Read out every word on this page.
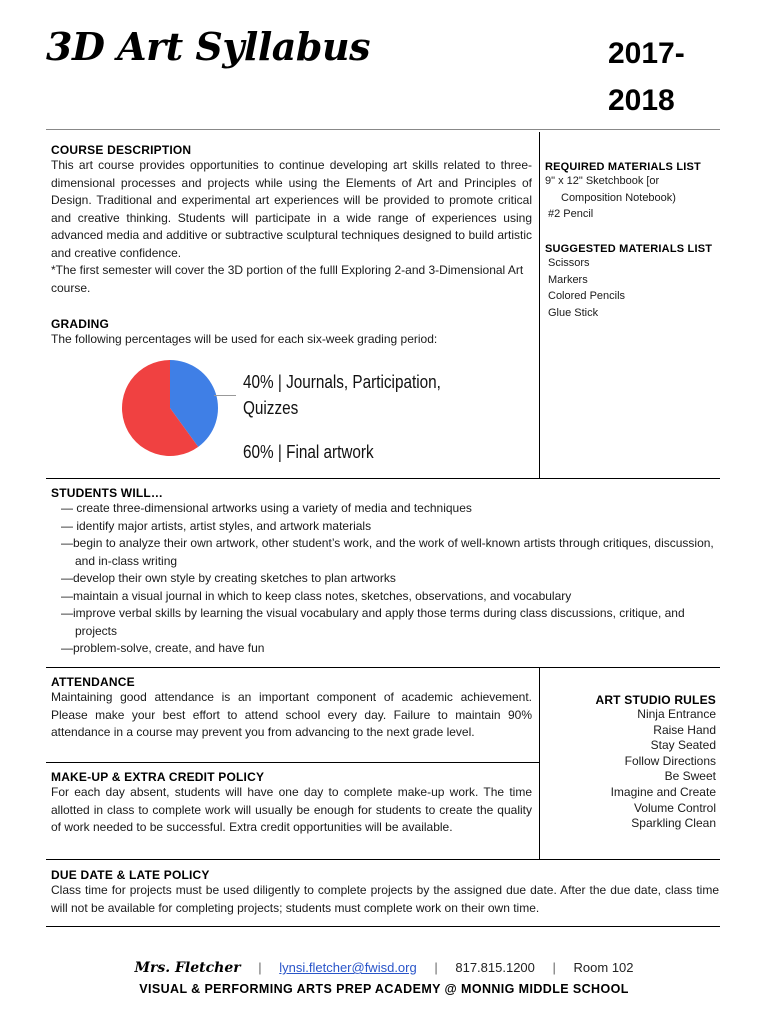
3D Art Syllabus	2017-
2018
COURSE DESCRIPTION
This art course provides opportunities to continue developing art skills related to three-dimensional processes and projects while using the Elements of Art and Principles of Design. Traditional and experimental art experiences will be provided to promote critical and creative thinking. Students will participate in a wide range of experiences using advanced media and additive or subtractive sculptural techniques designed to build artistic and creative confidence.
*The first semester will cover the 3D portion of the fulll Exploring 2-and 3-Dimensional Art course.
GRADING
The following percentages will be used for each six-week grading period:
40% | Journals, Participation,
Quizzes
60% | Final artwork
REQUIRED MATERIALS LIST
9" x 12" Sketchbook [or
Composition Notebook)
#2 Pencil
SUGGESTED MATERIALS LIST
Scissors
Markers
Colored Pencils
Glue Stick
STUDENTS WILL…
— create three-dimensional artworks using a variety of media and techniques
— identify major artists, artist styles, and artwork materials
—begin to analyze their own artwork, other student’s work, and the work of well-known artists through critiques, discussion, and in-class writing
—develop their own style by creating sketches to plan artworks
—maintain a visual journal in which to keep class notes, sketches, observations, and vocabulary
—improve verbal skills by learning the visual vocabulary and apply those terms during class discussions, critique, and projects
—problem-solve, create, and have fun
ATTENDANCE
Maintaining good attendance is an important component of academic achievement. Please make your best effort to attend school every day. Failure to maintain 90% attendance in a course may prevent you from advancing to the next grade level.
MAKE-UP & EXTRA CREDIT POLICY
For each day absent, students will have one day to complete make-up work. The time allotted in class to complete work will usually be enough for students to create the quality of work needed to be successful. Extra credit opportunities will be available.
ART STUDIO RULES
Ninja Entrance
Raise Hand
Stay Seated
Follow Directions
Be Sweet
Imagine and Create
Volume Control
Sparkling Clean
DUE DATE & LATE POLICY
Class time for projects must be used diligently to complete projects by the assigned due date. After the due date, class time will not be available for completing projects; students must complete work on their own time.
Mrs. Fletcher | lynsi.fletcher@fwisd.org | 817.815.1200 | Room 102
VISUAL & PERFORMING ARTS PREP ACADEMY @ MONNIG MIDDLE SCHOOL
